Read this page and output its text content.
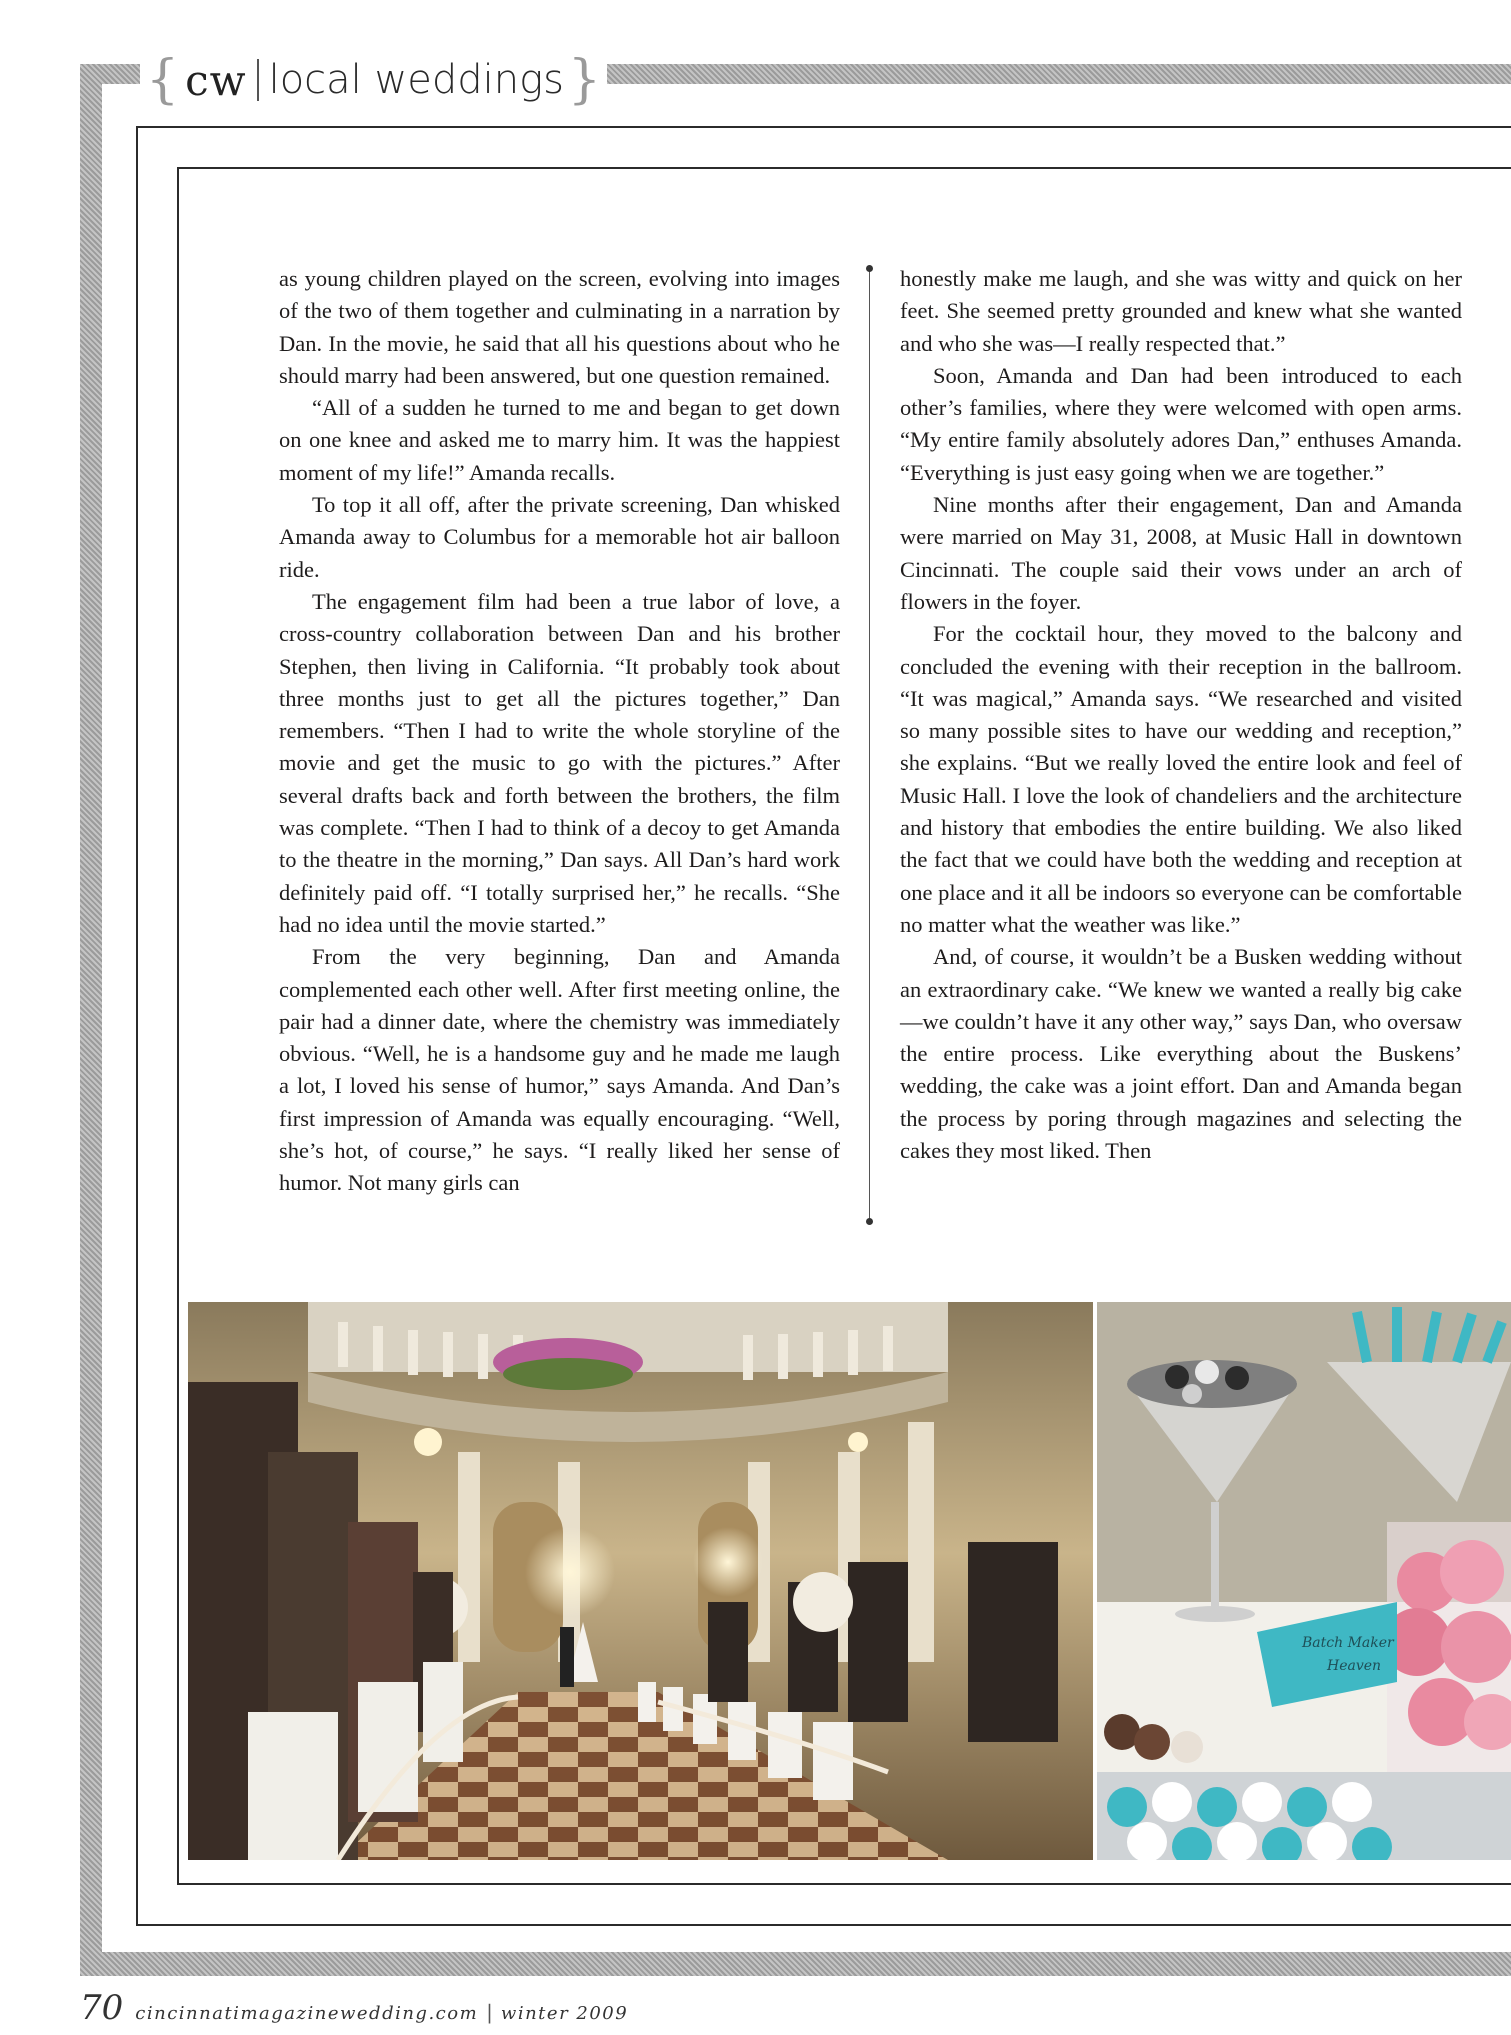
{ cw local weddings }

as young children played on the screen, evolving into images of the two of them together and culminating in a narration by Dan. In the movie, he said that all his questions about who he should marry had been answered, but one question remained.

“All of a sudden he turned to me and began to get down on one knee and asked me to marry him. It was the happiest moment of my life!” Amanda recalls.

To top it all off, after the private screening, Dan whisked Amanda away to Columbus for a memorable hot air balloon ride.

The engagement film had been a true labor of love, a cross-country collaboration between Dan and his brother Stephen, then living in California. “It probably took about three months just to get all the pictures together,” Dan remembers. “Then I had to write the whole storyline of the movie and get the music to go with the pictures.” After several drafts back and forth between the brothers, the film was complete. “Then I had to think of a decoy to get Amanda to the theatre in the morning,” Dan says. All Dan’s hard work definitely paid off. “I totally surprised her,” he recalls. “She had no idea until the movie started.”

From the very beginning, Dan and Amanda complemented each other well. After first meeting online, the pair had a dinner date, where the chemistry was immediately obvious. “Well, he is a handsome guy and he made me laugh a lot, I loved his sense of humor,” says Amanda. And Dan’s first impression of Amanda was equally encouraging. “Well, she’s hot, of course,” he says. “I really liked her sense of humor. Not many girls can

honestly make me laugh, and she was witty and quick on her feet. She seemed pretty grounded and knew what she wanted and who she was—I really respected that.”

Soon, Amanda and Dan had been introduced to each other’s families, where they were welcomed with open arms. “My entire family absolutely adores Dan,” enthuses Amanda. “Everything is just easy going when we are together.”

Nine months after their engagement, Dan and Amanda were married on May 31, 2008, at Music Hall in downtown Cincinnati. The couple said their vows under an arch of flowers in the foyer.

For the cocktail hour, they moved to the balcony and concluded the evening with their reception in the ballroom. “It was magical,” Amanda says. “We researched and visited so many possible sites to have our wedding and reception,” she explains. “But we really loved the entire look and feel of Music Hall. I love the look of chandeliers and the architecture and history that embodies the entire building. We also liked the fact that we could have both the wedding and reception at one place and it all be indoors so everyone can be comfortable no matter what the weather was like.”

And, of course, it wouldn’t be a Busken wedding without an extraordinary cake. “We knew we wanted a really big cake—we couldn’t have it any other way,” says Dan, who oversaw the entire process. Like everything about the Buskens’ wedding, the cake was a joint effort. Dan and Amanda began the process by poring through magazines and selecting the cakes they most liked. Then

Batch Maker
Heaven
70 cincinnatimagazinewedding.com | winter 2009
